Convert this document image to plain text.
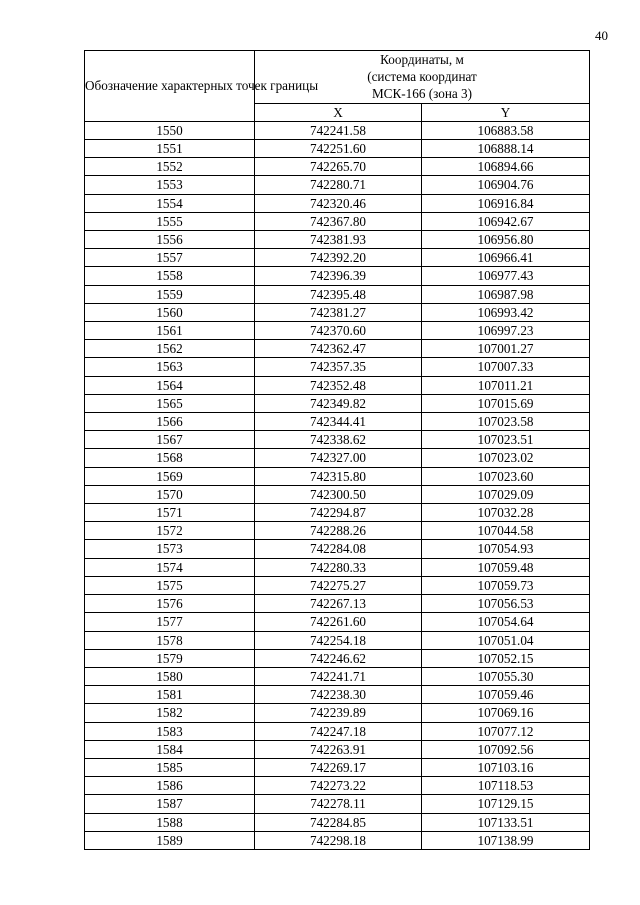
40
Обозначение характерных точек границы	Координаты, м
(система координат
МСК-166 (зона 3)	

	X	Y
1550	742241.58	106883.58
1551	742251.60	106888.14
1552	742265.70	106894.66
1553	742280.71	106904.76
1554	742320.46	106916.84
1555	742367.80	106942.67
1556	742381.93	106956.80
1557	742392.20	106966.41
1558	742396.39	106977.43
1559	742395.48	106987.98
1560	742381.27	106993.42
1561	742370.60	106997.23
1562	742362.47	107001.27
1563	742357.35	107007.33
1564	742352.48	107011.21
1565	742349.82	107015.69
1566	742344.41	107023.58
1567	742338.62	107023.51
1568	742327.00	107023.02
1569	742315.80	107023.60
1570	742300.50	107029.09
1571	742294.87	107032.28
1572	742288.26	107044.58
1573	742284.08	107054.93
1574	742280.33	107059.48
1575	742275.27	107059.73
1576	742267.13	107056.53
1577	742261.60	107054.64
1578	742254.18	107051.04
1579	742246.62	107052.15
1580	742241.71	107055.30
1581	742238.30	107059.46
1582	742239.89	107069.16
1583	742247.18	107077.12
1584	742263.91	107092.56
1585	742269.17	107103.16
1586	742273.22	107118.53
1587	742278.11	107129.15
1588	742284.85	107133.51
1589	742298.18	107138.99
